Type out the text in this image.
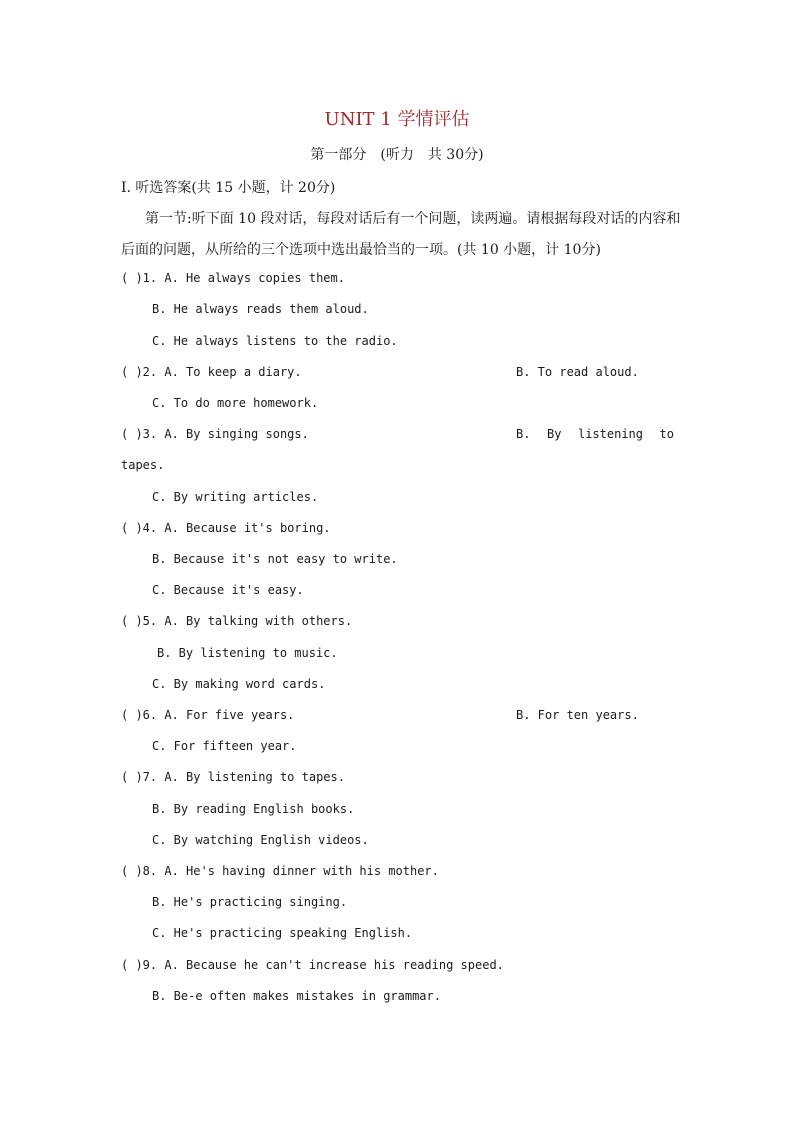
UNIT 1 学情评估
第一部分　(听力　共 30分)
Ⅰ. 听选答案(共 15 小题，计 20分)
第一节:听下面 10 段对话，每段对话后有一个问题，读两遍。请根据每段对话的内容和
后面的问题，从所给的三个选项中选出最恰当的一项。(共 10 小题，计 10分)
( )1. A. He always copies them.
B. He always reads them aloud.
C. He always listens to the radio.
( )2. A. To keep a diary.	B. To read aloud.
C. To do more homework.
( )3. A. By singing songs.	B. By listening to
tapes.
C. By writing articles.
( )4. A. Because it's boring.
B. Because it's not easy to write.
C. Because it's easy.
( )5. A. By talking with others.
B. By listening to music.
C. By making word cards.
( )6. A. For five years.	B. For ten years.
C. For fifteen year.
( )7. A. By listening to tapes.
B. By reading English books.
C. By watching English videos.
( )8. A. He's having dinner with his mother.
B. He's practicing singing.
C. He's practicing speaking English.
( )9. A. Because he can't increase his reading speed.
B. Be-e often makes mistakes in grammar.
